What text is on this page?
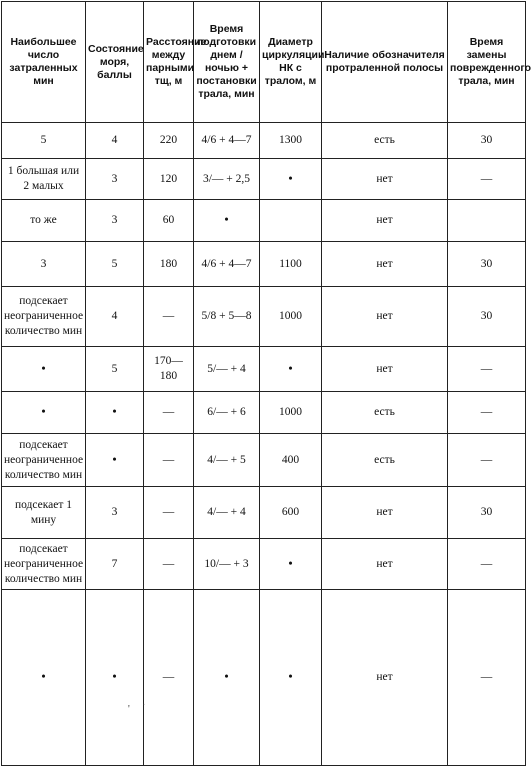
Наибольшее число затраленных мин	Состояние моря, баллы	Расстояние между парными тщ, м	Время подготовки днем / ночью + постановки трала, мин	Диаметр циркуляции НК с тралом, м	Наличие обозначителя протраленной полосы	Время замены поврежденного трала, мин
5	4	220	4/6 + 4—7	1300	есть	30
1 большая или 2 малых	3	120	3/— + 2,5	•	нет	—
то же	3	60	•		нет	
3	5	180	4/6 + 4—7	1100	нет	30
подсекает неограниченное количество мин	4	—	5/8 + 5—8	1000	нет	30
•	5	170—180	5/— + 4	•	нет	—
•	•	—	6/— + 6	1000	есть	—
подсекает неограниченное количество мин	•	—	4/— + 5	400	есть	—
подсекает 1 мину	3	—	4/— + 4	600	нет	30
подсекает неограниченное количество мин	7	—	10/— + 3	•	нет	—
•	•	—	•	•	нет	—
' ·
